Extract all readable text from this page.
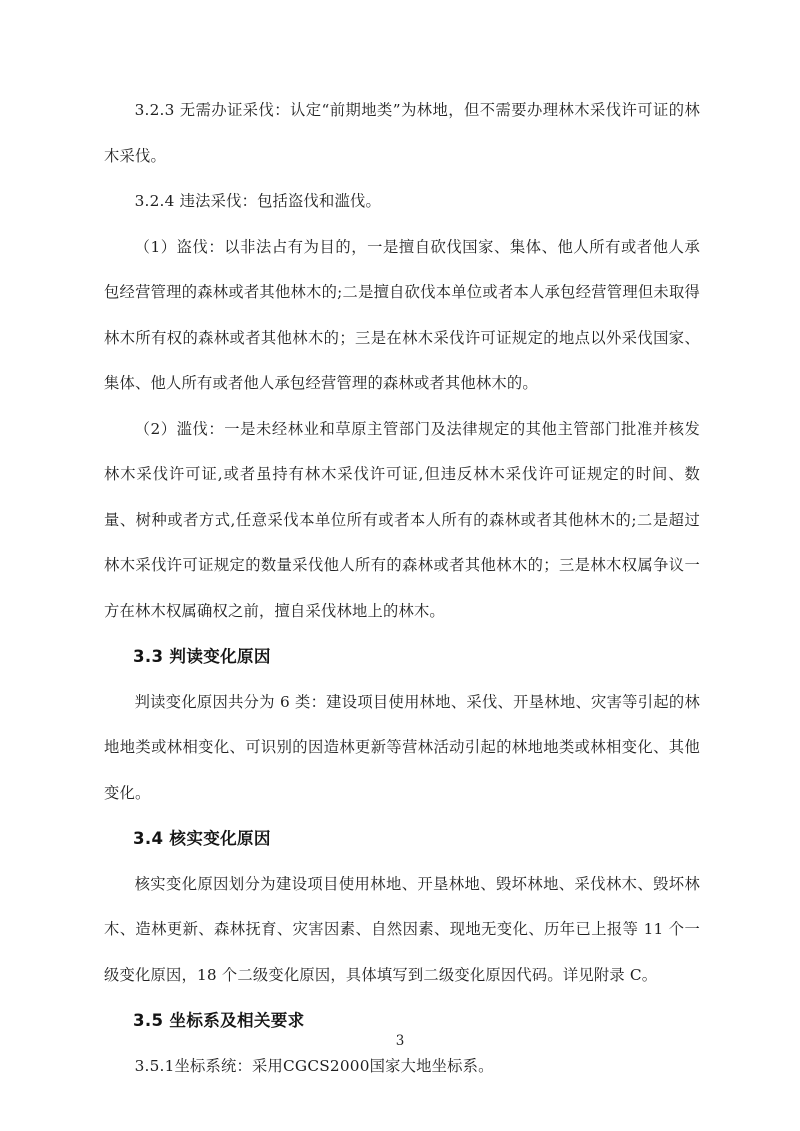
3.2.3 无需办证采伐：认定“前期地类”为林地，但不需要办理林木采伐许可证的林木采伐。

3.2.4 违法采伐：包括盗伐和滥伐。

（1）盗伐：以非法占有为目的，一是擅自砍伐国家、集体、他人所有或者他人承包经营管理的森林或者其他林木的;二是擅自砍伐本单位或者本人承包经营管理但未取得林木所有权的森林或者其他林木的；三是在林木采伐许可证规定的地点以外采伐国家、集体、他人所有或者他人承包经营管理的森林或者其他林木的。

（2）滥伐：一是未经林业和草原主管部门及法律规定的其他主管部门批准并核发林木采伐许可证,或者虽持有林木采伐许可证,但违反林木采伐许可证规定的时间、数量、树种或者方式,任意采伐本单位所有或者本人所有的森林或者其他林木的;二是超过林木采伐许可证规定的数量采伐他人所有的森林或者其他林木的；三是林木权属争议一方在林木权属确权之前，擅自采伐林地上的林木。

3.3 判读变化原因

判读变化原因共分为 6 类：建设项目使用林地、采伐、开垦林地、灾害等引起的林地地类或林相变化、可识别的因造林更新等营林活动引起的林地地类或林相变化、其他变化。

3.4 核实变化原因

核实变化原因划分为建设项目使用林地、开垦林地、毁坏林地、采伐林木、毁坏林木、造林更新、森林抚育、灾害因素、自然因素、现地无变化、历年已上报等 11 个一级变化原因，18 个二级变化原因，具体填写到二级变化原因代码。详见附录 C。

3.5 坐标系及相关要求

3.5.1坐标系统：采用CGCS2000国家大地坐标系。

3
